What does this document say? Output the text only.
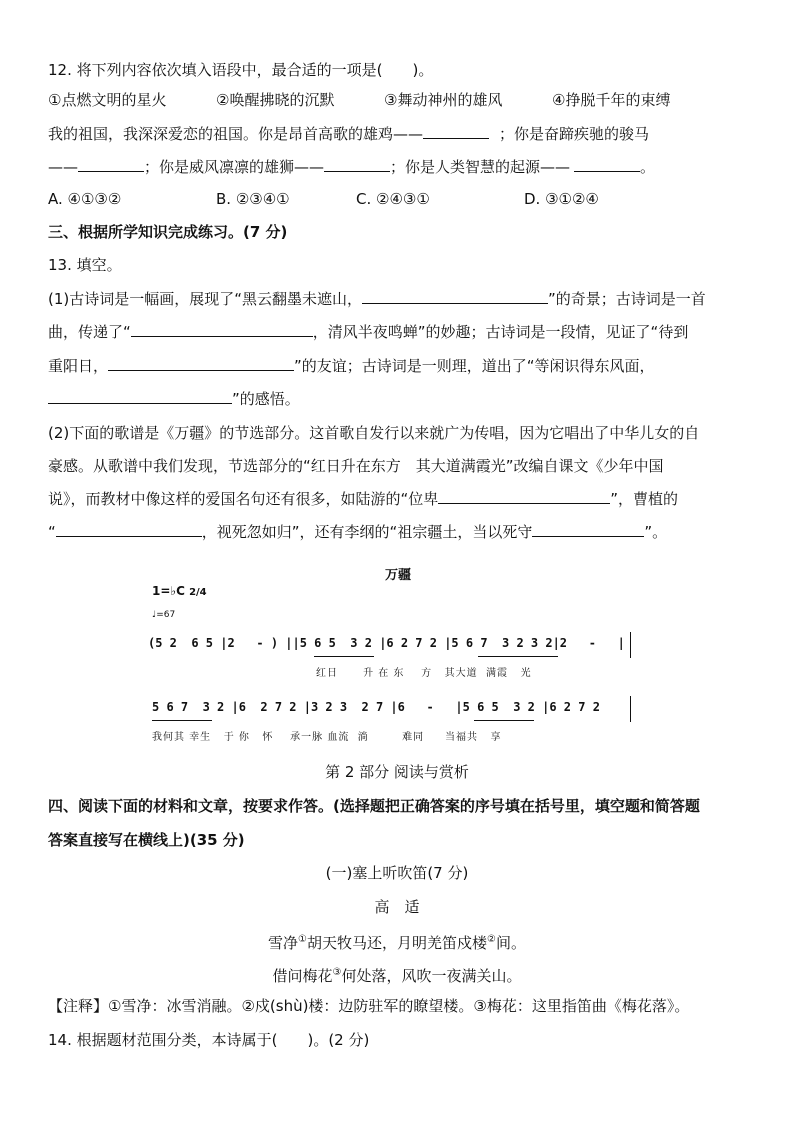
12. 将下列内容依次填入语段中，最合适的一项是(　　)。
①点燃文明的星火	②唤醒拂晓的沉默	③舞动神州的雄风	④挣脱千年的束缚
我的祖国，我深深爱恋的祖国。你是昂首高歌的雄鸡——	；你是奋蹄疾驰的骏马
——	；你是威风凛凛的雄狮——	；你是人类智慧的起源——	。
A. ④①③②	B. ②③④①	C. ②④③①	D. ③①②④
三、根据所学知识完成练习。(7 分)
13. 填空。
(1)古诗词是一幅画，展现了“黑云翻墨未遮山，	”的奇景；古诗词是一首
曲，传递了“	，清风半夜鸣蝉”的妙趣；古诗词是一段情，见证了“待到
重阳日，	”的友谊；古诗词是一则理，道出了“等闲识得东风面，
”的感悟。
(2)下面的歌谱是《万疆》的节选部分。这首歌自发行以来就广为传唱，因为它唱出了中华儿女的自
豪感。从歌谱中我们发现，节选部分的“红日升在东方　其大道满霞光”改编自课文《少年中国
说》，而教材中像这样的爱国名句还有很多，如陆游的“位卑	”，曹植的
“	，视死忽如归”，还有李纲的“祖宗疆土，当以死守	”。
万疆
1=♭C 2/4
♩=67
(5 2  6 5 |2   - ) ||5 6 5  3 2 |6 2 7 2 |5 6 7  3 2 3 2|2   -   |
红日      升 在 东    方   其大道  满霞   光
5 6 7  3 2 |6  2 7 2 |3 2 3  2 7 |6   -   |5 6 5  3 2 |6 2 7 2
我何其 幸生   于 你   怀    承一脉 血流  淌        难同     当福共   享
第 2 部分 阅读与赏析
四、阅读下面的材料和文章，按要求作答。(选择题把正确答案的序号填在括号里，填空题和简答题
答案直接写在横线上)(35 分)
(一)塞上听吹笛(7 分)
高　适
雪净①胡天牧马还，月明羌笛戍楼②间。
借问梅花③何处落，风吹一夜满关山。
【注释】①雪净：冰雪消融。②戍(shù)楼：边防驻军的瞭望楼。③梅花：这里指笛曲《梅花落》。
14. 根据题材范围分类，本诗属于(　　)。(2 分)
